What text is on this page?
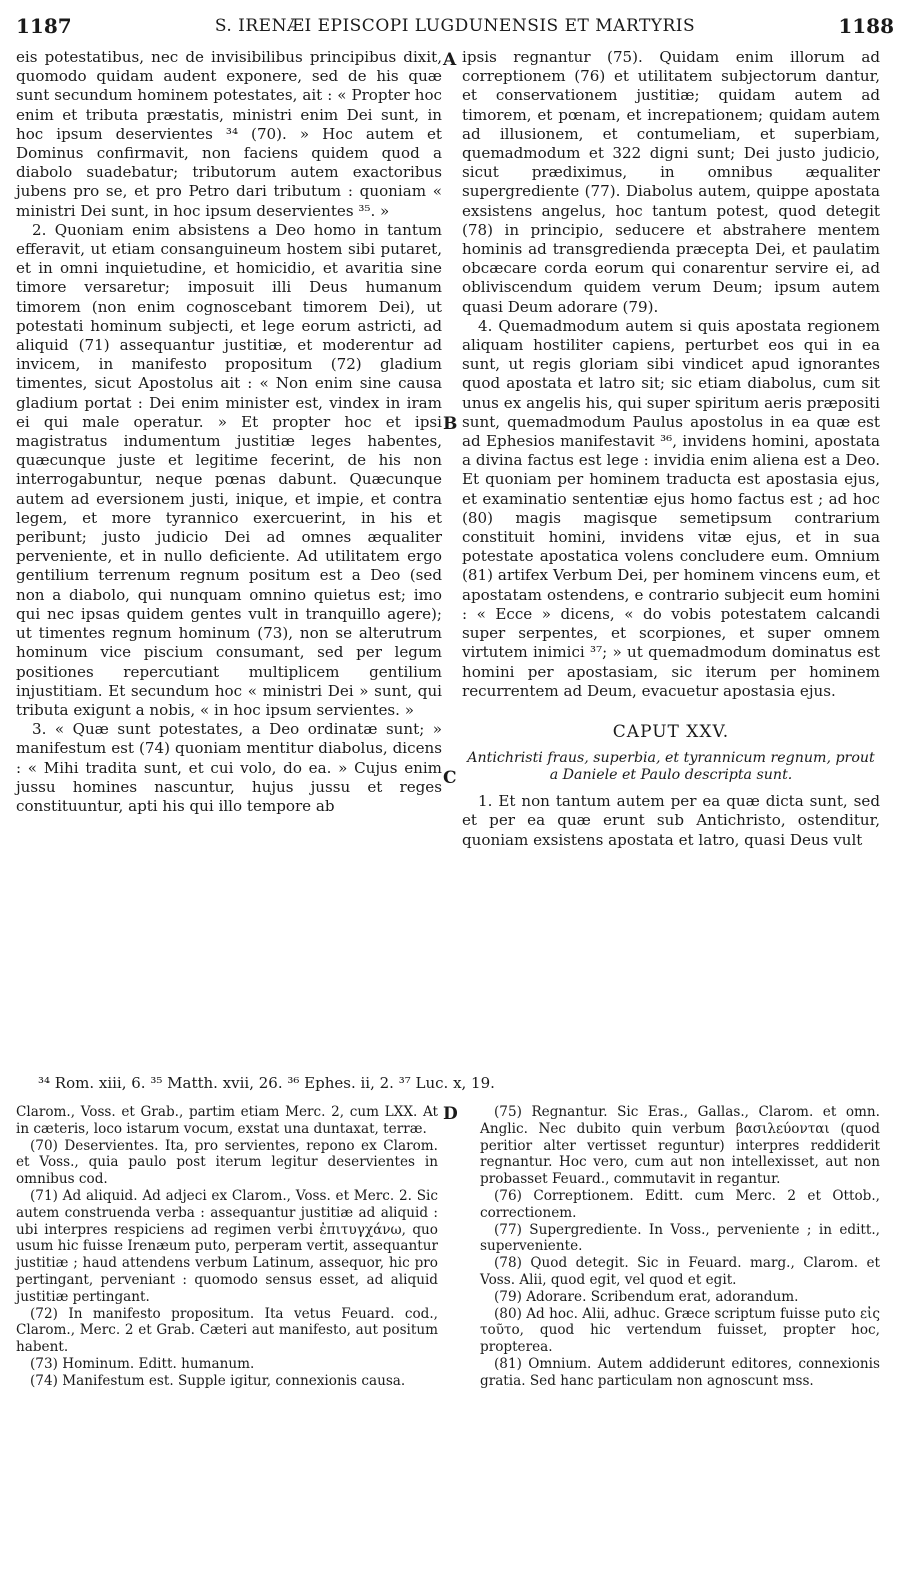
1187	S. IRENÆI EPISCOPI LUGDUNENSIS ET MARTYRIS	1188
A
B
C
D

eis potestatibus, nec de invisibilibus principibus dixit, quomodo quidam audent exponere, sed de his quæ sunt secundum hominem potestates, ait : « Propter hoc enim et tributa præstatis, ministri enim Dei sunt, in hoc ipsum deservientes ³⁴ (70). » Hoc autem et Dominus confirmavit, non faciens quidem quod a diabolo suadebatur; tributorum autem exactoribus jubens pro se, et pro Petro dari tributum : quoniam « ministri Dei sunt, in hoc ipsum deservientes ³⁵. »

2. Quoniam enim absistens a Deo homo in tantum efferavit, ut etiam consanguineum hostem sibi putaret, et in omni inquietudine, et homicidio, et avaritia sine timore versaretur; imposuit illi Deus humanum timorem (non enim cognoscebant timorem Dei), ut potestati hominum subjecti, et lege eorum astricti, ad aliquid (71) assequantur justitiæ, et moderentur ad invicem, in manifesto propositum (72) gladium timentes, sicut Apostolus ait : « Non enim sine causa gladium portat : Dei enim minister est, vindex in iram ei qui male operatur. » Et propter hoc et ipsi magistratus indumentum justitiæ leges habentes, quæcunque juste et legitime fecerint, de his non interrogabuntur, neque pœnas dabunt. Quæcunque autem ad eversionem justi, inique, et impie, et contra legem, et more tyrannico exercuerint, in his et peribunt; justo judicio Dei ad omnes æqualiter perveniente, et in nullo deficiente. Ad utilitatem ergo gentilium terrenum regnum positum est a Deo (sed non a diabolo, qui nunquam omnino quietus est; imo qui nec ipsas quidem gentes vult in tranquillo agere); ut timentes regnum hominum (73), non se alterutrum hominum vice piscium consumant, sed per legum positiones repercutiant multiplicem gentilium injustitiam. Et secundum hoc « ministri Dei » sunt, qui tributa exigunt a nobis, « in hoc ipsum servientes. »

3. « Quæ sunt potestates, a Deo ordinatæ sunt; » manifestum est (74) quoniam mentitur diabolus, dicens : « Mihi tradita sunt, et cui volo, do ea. » Cujus enim jussu homines nascuntur, hujus jussu et reges constituuntur, apti his qui illo tempore ab

ipsis regnantur (75). Quidam enim illorum ad correptionem (76) et utilitatem subjectorum dantur, et conservationem justitiæ; quidam autem ad timorem, et pœnam, et increpationem; quidam autem ad illusionem, et contumeliam, et superbiam, quemadmodum et 322 digni sunt; Dei justo judicio, sicut prædiximus, in omnibus æqualiter supergrediente (77). Diabolus autem, quippe apostata exsistens angelus, hoc tantum potest, quod detegit (78) in principio, seducere et abstrahere mentem hominis ad transgredienda præcepta Dei, et paulatim obcæcare corda eorum qui conarentur servire ei, ad obliviscendum quidem verum Deum; ipsum autem quasi Deum adorare (79).

4. Quemadmodum autem si quis apostata regionem aliquam hostiliter capiens, perturbet eos qui in ea sunt, ut regis gloriam sibi vindicet apud ignorantes quod apostata et latro sit; sic etiam diabolus, cum sit unus ex angelis his, qui super spiritum aeris præpositi sunt, quemadmodum Paulus apostolus in ea quæ est ad Ephesios manifestavit ³⁶, invidens homini, apostata a divina factus est lege : invidia enim aliena est a Deo. Et quoniam per hominem traducta est apostasia ejus, et examinatio sententiæ ejus homo factus est ; ad hoc (80) magis magisque semetipsum contrarium constituit homini, invidens vitæ ejus, et in sua potestate apostatica volens concludere eum. Omnium (81) artifex Verbum Dei, per hominem vincens eum, et apostatam ostendens, e contrario subjecit eum homini : « Ecce » dicens, « do vobis potestatem calcandi super serpentes, et scorpiones, et super omnem virtutem inimici ³⁷; » ut quemadmodum dominatus est homini per apostasiam, sic iterum per hominem recurrentem ad Deum, evacuetur apostasia ejus.

CAPUT XXV.
Antichristi fraus, superbia, et tyrannicum regnum, prout a Daniele et Paulo descripta sunt.

1. Et non tantum autem per ea quæ dicta sunt, sed et per ea quæ erunt sub Antichristo, ostenditur, quoniam exsistens apostata et latro, quasi Deus vult

³⁴ Rom. xiii, 6. ³⁵ Matth. xvii, 26. ³⁶ Ephes. ii, 2. ³⁷ Luc. x, 19.

Clarom., Voss. et Grab., partim etiam Merc. 2, cum LXX. At in cæteris, loco istarum vocum, exstat una duntaxat, terræ.

(70) Deservientes. Ita, pro servientes, repono ex Clarom. et Voss., quia paulo post iterum legitur deservientes in omnibus cod.

(71) Ad aliquid. Ad adjeci ex Clarom., Voss. et Merc. 2. Sic autem construenda verba : assequantur justitiæ ad aliquid : ubi interpres respiciens ad regimen verbi ἐπιτυγχάνω, quo usum hic fuisse Irenæum puto, perperam vertit, assequantur justitiæ ; haud attendens verbum Latinum, assequor, hic pro pertingant, perveniant : quomodo sensus esset, ad aliquid justitiæ pertingant.

(72) In manifesto propositum. Ita vetus Feuard. cod., Clarom., Merc. 2 et Grab. Cæteri aut manifesto, aut positum habent.

(73) Hominum. Editt. humanum.

(74) Manifestum est. Supple igitur, connexionis causa.

(75) Regnantur. Sic Eras., Gallas., Clarom. et omn. Anglic. Nec dubito quin verbum βασιλεύονται (quod peritior alter vertisset reguntur) interpres reddiderit regnantur. Hoc vero, cum aut non intellexisset, aut non probasset Feuard., commutavit in regantur.

(76) Correptionem. Editt. cum Merc. 2 et Ottob., correctionem.

(77) Supergrediente. In Voss., perveniente ; in editt., superveniente.

(78) Quod detegit. Sic in Feuard. marg., Clarom. et Voss. Alii, quod egit, vel quod et egit.

(79) Adorare. Scribendum erat, adorandum.

(80) Ad hoc. Alii, adhuc. Græce scriptum fuisse puto εἰς τοῦτο, quod hic vertendum fuisset, propter hoc, propterea.

(81) Omnium. Autem addiderunt editores, connexionis gratia. Sed hanc particulam non agnoscunt mss.
